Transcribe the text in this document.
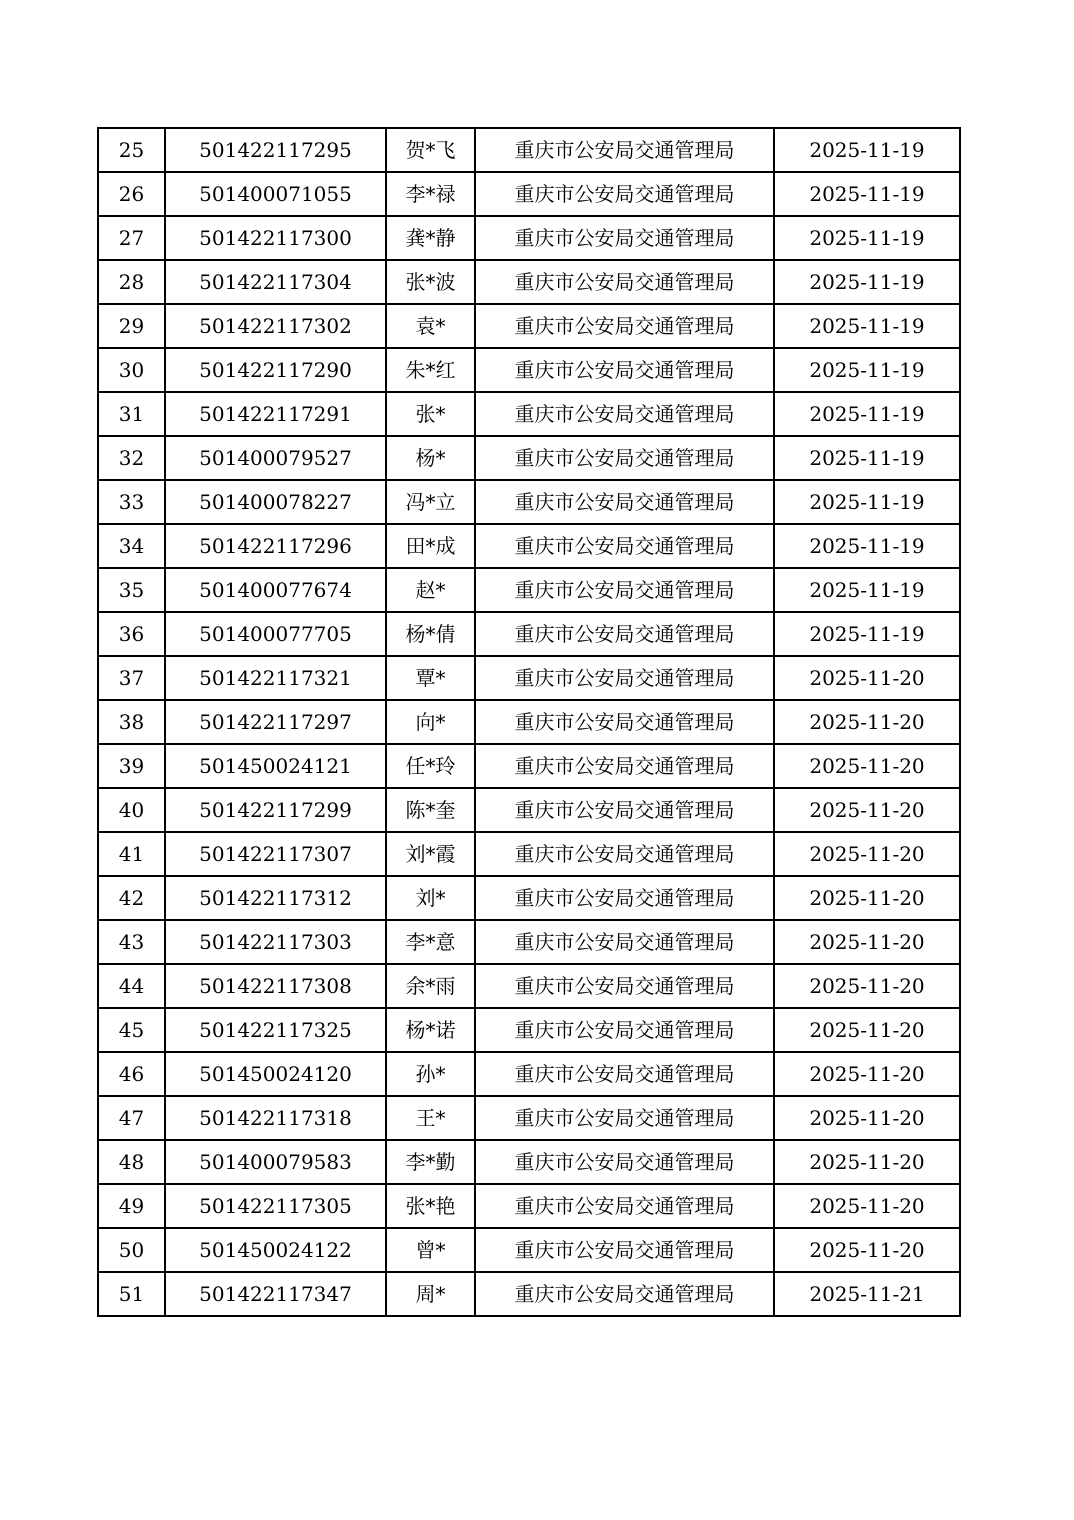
25	501422117295	贺*飞	重庆市公安局交通管理局	2025-11-19
26	501400071055	李*禄	重庆市公安局交通管理局	2025-11-19
27	501422117300	龚*静	重庆市公安局交通管理局	2025-11-19
28	501422117304	张*波	重庆市公安局交通管理局	2025-11-19
29	501422117302	袁*	重庆市公安局交通管理局	2025-11-19
30	501422117290	朱*红	重庆市公安局交通管理局	2025-11-19
31	501422117291	张*	重庆市公安局交通管理局	2025-11-19
32	501400079527	杨*	重庆市公安局交通管理局	2025-11-19
33	501400078227	冯*立	重庆市公安局交通管理局	2025-11-19
34	501422117296	田*成	重庆市公安局交通管理局	2025-11-19
35	501400077674	赵*	重庆市公安局交通管理局	2025-11-19
36	501400077705	杨*倩	重庆市公安局交通管理局	2025-11-19
37	501422117321	覃*	重庆市公安局交通管理局	2025-11-20
38	501422117297	向*	重庆市公安局交通管理局	2025-11-20
39	501450024121	任*玲	重庆市公安局交通管理局	2025-11-20
40	501422117299	陈*奎	重庆市公安局交通管理局	2025-11-20
41	501422117307	刘*霞	重庆市公安局交通管理局	2025-11-20
42	501422117312	刘*	重庆市公安局交通管理局	2025-11-20
43	501422117303	李*意	重庆市公安局交通管理局	2025-11-20
44	501422117308	余*雨	重庆市公安局交通管理局	2025-11-20
45	501422117325	杨*诺	重庆市公安局交通管理局	2025-11-20
46	501450024120	孙*	重庆市公安局交通管理局	2025-11-20
47	501422117318	王*	重庆市公安局交通管理局	2025-11-20
48	501400079583	李*勤	重庆市公安局交通管理局	2025-11-20
49	501422117305	张*艳	重庆市公安局交通管理局	2025-11-20
50	501450024122	曾*	重庆市公安局交通管理局	2025-11-20
51	501422117347	周*	重庆市公安局交通管理局	2025-11-21
